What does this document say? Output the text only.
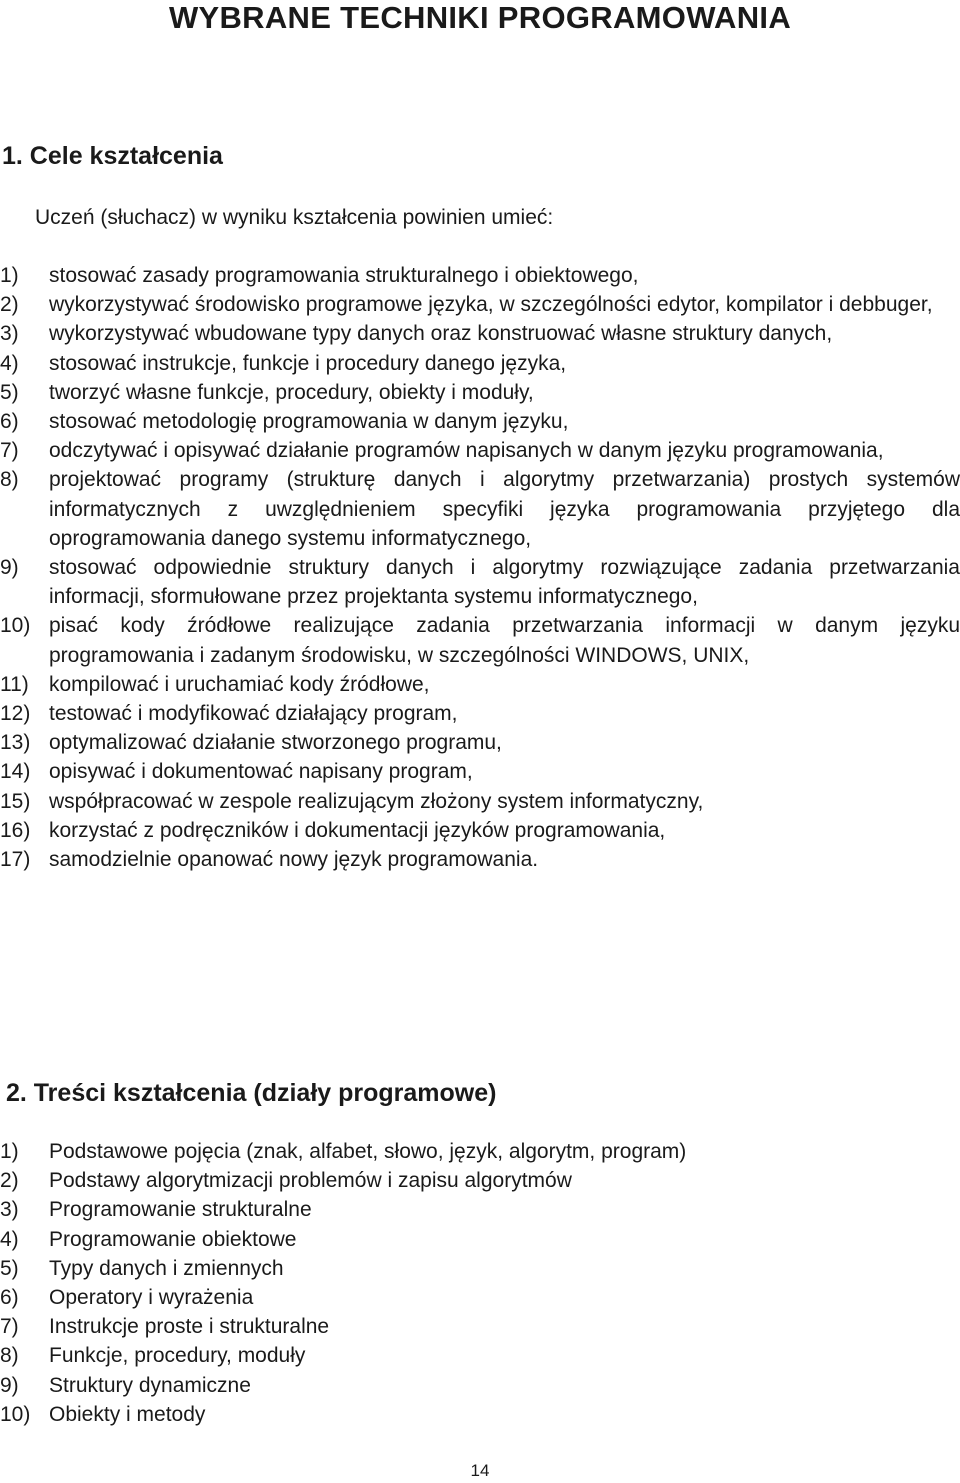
WYBRANE TECHNIKI PROGRAMOWANIA
1. Cele kształcenia
Uczeń (słuchacz) w wyniku kształcenia powinien umieć:
1)	stosować zasady programowania strukturalnego i obiektowego,
2)	wykorzystywać środowisko programowe języka, w szczególności edytor, kompilator i debbuger,
3)	wykorzystywać wbudowane typy danych oraz konstruować własne struktury danych,
4)	stosować instrukcje, funkcje i procedury danego języka,
5)	tworzyć własne funkcje, procedury, obiekty i moduły,
6)	stosować metodologię programowania w danym języku,
7)	odczytywać i opisywać działanie programów napisanych w danym języku programowania,
8)	projektować programy (strukturę danych i algorytmy przetwarzania) prostych systemów informatycznych z uwzględnieniem specyfiki języka programowania przyjętego dla oprogramowania danego systemu informatycznego,
9)	stosować odpowiednie struktury danych i algorytmy rozwiązujące zadania przetwarzania informacji, sformułowane przez projektanta systemu informatycznego,
10) pisać kody źródłowe realizujące zadania przetwarzania informacji w danym języku programowania i zadanym środowisku, w szczególności WINDOWS, UNIX,
11) kompilować i uruchamiać kody źródłowe,
12) testować i modyfikować działający program,
13) optymalizować działanie stworzonego programu,
14) opisywać i dokumentować napisany program,
15) współpracować w zespole realizującym złożony system informatyczny,
16) korzystać z podręczników i dokumentacji języków programowania,
17) samodzielnie opanować nowy język programowania.
2. Treści kształcenia (działy programowe)
1)	Podstawowe pojęcia (znak, alfabet, słowo, język, algorytm, program)
2)	Podstawy algorytmizacji problemów i zapisu algorytmów
3)	Programowanie strukturalne
4)	Programowanie obiektowe
5)	Typy danych i zmiennych
6)	Operatory i wyrażenia
7)	Instrukcje proste i strukturalne
8)	Funkcje, procedury, moduły
9)	Struktury dynamiczne
10) Obiekty i metody
14
